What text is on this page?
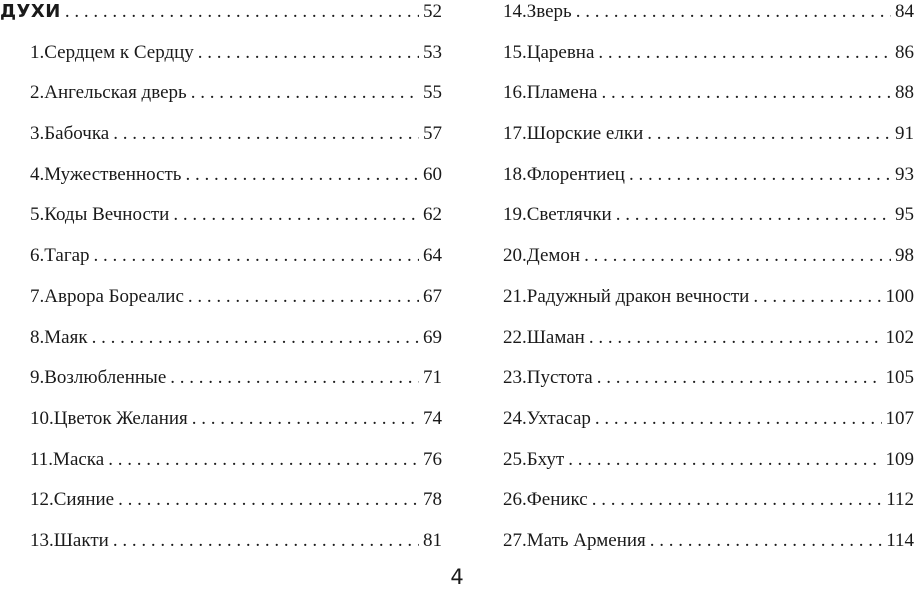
ДУХИ . . .	52
1. Сердцем к Сердцу . . .	53
2. Ангельская дверь . . .	55
3. Бабочка . . .	57
4. Мужественность . . .	60
5. Коды Вечности . . .	62
6. Тагар . . .	64
7. Аврора Бореалис . . .	67
8. Маяк . . .	69
9. Возлюбленные . . .	71
10. Цветок Желания . . .	74
11. Маска . . .	76
12. Сияние . . .	78
13. Шакти . . .	81
14. Зверь . . .	84
15. Царевна . . .	86
16. Пламена . . .	88
17. Шорские елки . . .	91
18. Флорентиец . . .	93
19. Светлячки . . .	95
20. Демон . . .	98
21. Радужный дракон вечности . . .	100
22. Шаман . . .	102
23. Пустота . . .	105
24. Ухтасар . . .	107
25. Бхут . . .	109
26. Феникс . . .	112
27. Мать Армения . . .	114
4
